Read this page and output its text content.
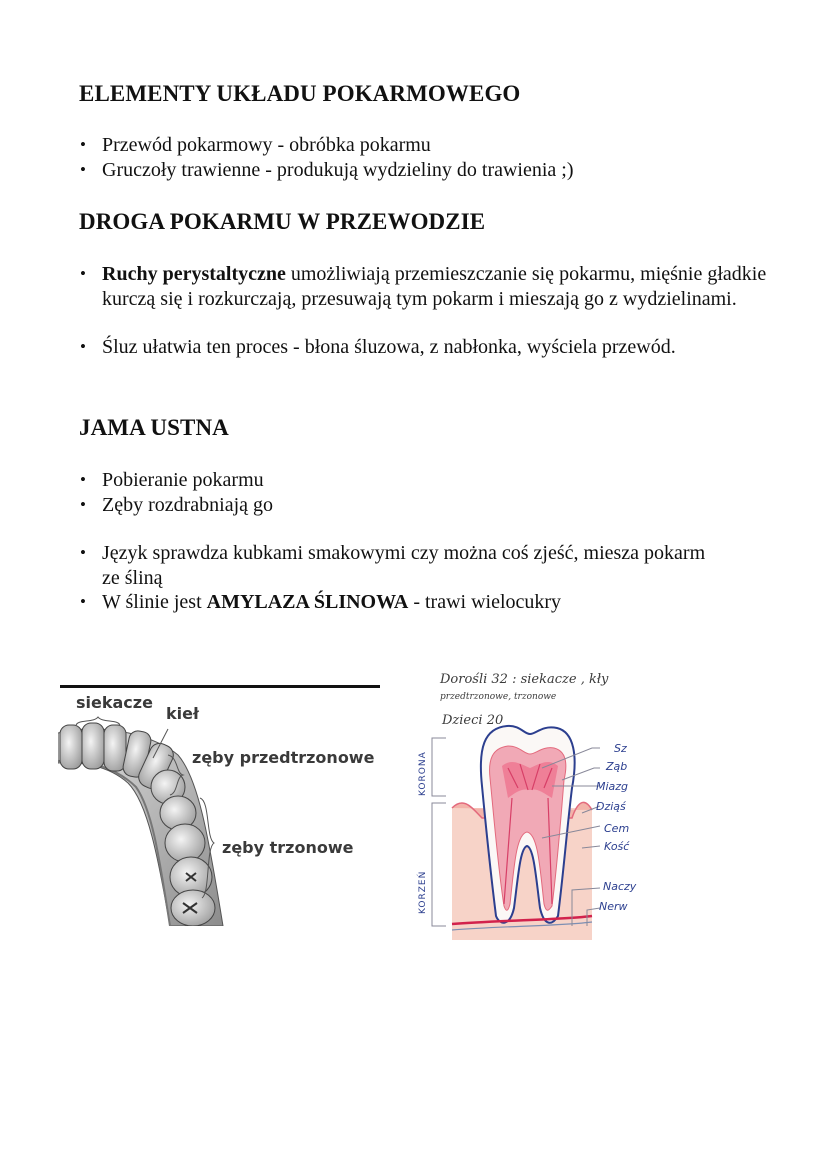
ELEMENTY UKŁADU POKARMOWEGO
• Przewód pokarmowy - obróbka pokarmu
• Gruczoły trawienne - produkują wydzieliny do trawienia ;)
DROGA POKARMU W PRZEWODZIE
• Ruchy perystaltyczne umożliwiają przemieszczanie się pokarmu, mięśnie gładkie kurczą się i rozkurczają, przesuwają tym pokarm i mieszają go z wydzielinami.
• Śluz ułatwia ten proces - błona śluzowa, z nabłonka, wyściela przewód.
JAMA USTNA
• Pobieranie pokarmu
• Zęby rozdrabniają go
• Język sprawdza kubkami smakowymi czy można coś zjeść, miesza pokarm ze śliną
• W ślinie jest AMYLAZA ŚLINOWA - trawi wielocukry
siekacze
kieł
zęby przedtrzonowe
zęby trzonowe
Dorośli 32 : siekacze , kły
przedtrzonowe, trzonowe
Dzieci 20
KORONA
KORZEŃ
Sz
Ząb
Miazg
Dziąś
Cem
Kość
Naczy
Nerw
